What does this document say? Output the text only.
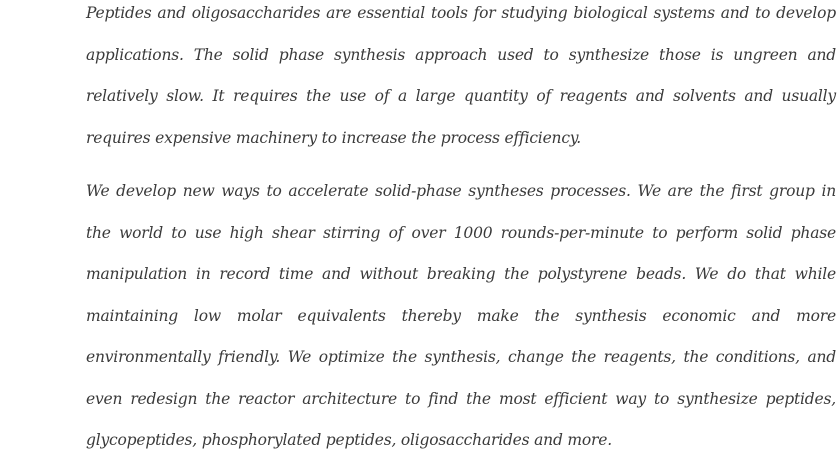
Peptides and oligosaccharides are essential tools for studying biological systems and to develop applications. The solid phase synthesis approach used to synthesize those is ungreen and relatively slow. It requires the use of a large quantity of reagents and solvents and usually requires expensive machinery to increase the process efficiency.

We develop new ways to accelerate solid-phase syntheses processes. We are the first group in the world to use high shear stirring of over 1000 rounds-per-minute to perform solid phase manipulation in record time and without breaking the polystyrene beads. We do that while maintaining low molar equivalents thereby make the synthesis economic and more environmentally friendly. We optimize the synthesis, change the reagents, the conditions, and even redesign the reactor architecture to find the most efficient way to synthesize peptides, glycopeptides, phosphorylated peptides, oligosaccharides and more.
